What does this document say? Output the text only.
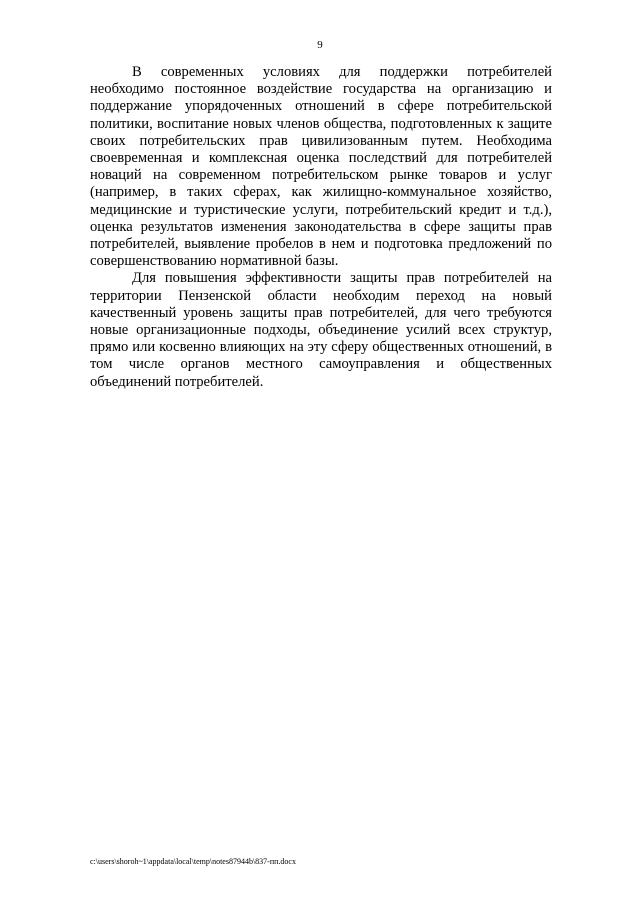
9

В современных условиях для поддержки потребителей необходимо постоянное воздействие государства на организацию и поддержание упорядоченных отношений в сфере потребительской политики, воспитание новых членов общества, подготовленных к защите своих потребительских прав цивилизованным путем. Необходима своевременная и комплексная оценка последствий для потребителей новаций на современном потребительском рынке товаров и услуг (например, в таких сферах, как жилищно-коммунальное хозяйство, медицинские и туристические услуги, потребительский кредит и т.д.), оценка результатов изменения законодательства в сфере защиты прав потребителей, выявление пробелов в нем и подготовка предложений по совершенствованию нормативной базы.

Для повышения эффективности защиты прав потребителей на территории Пензенской области необходим переход на новый качественный уровень защиты прав потребителей, для чего требуются новые организационные подходы, объединение усилий всех структур, прямо или косвенно влияющих на эту сферу общественных отношений, в том числе органов местного самоуправления и общественных объединений потребителей.

c:\users\shoroh~1\appdata\local\temp\notes87944b\837-пп.docx
